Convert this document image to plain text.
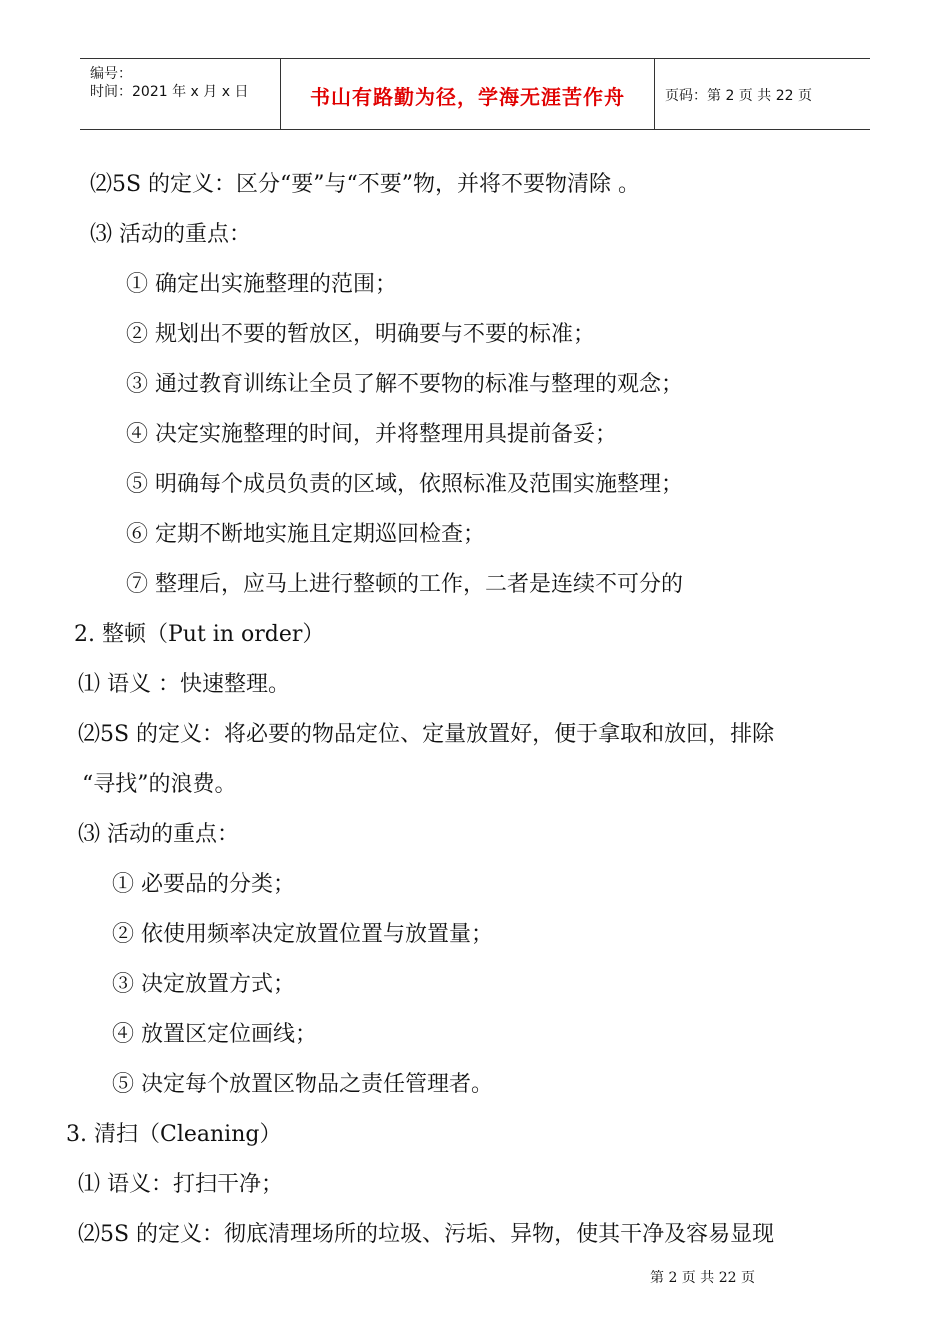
编号：
时间：2021 年 x 月 x 日	书山有路勤为径，学海无涯苦作舟	页码：第 2 页 共 22 页
⑵5S 的定义：区分“要”与“不要”物，并将不要物清除 。
⑶ 活动的重点：
① 确定出实施整理的范围；
② 规划出不要的暂放区，明确要与不要的标准；
③ 通过教育训练让全员了解不要物的标准与整理的观念；
④ 决定实施整理的时间，并将整理用具提前备妥；
⑤ 明确每个成员负责的区域，依照标准及范围实施整理；
⑥ 定期不断地实施且定期巡回检查；
⑦ 整理后，应马上进行整顿的工作，二者是连续不可分的
2. 整顿（Put in order）
⑴ 语义 ：快速整理。
⑵5S 的定义：将必要的物品定位、定量放置好，便于拿取和放回，排除
“寻找”的浪费。
⑶ 活动的重点：
① 必要品的分类；
② 依使用频率决定放置位置与放置量；
③ 决定放置方式；
④ 放置区定位画线；
⑤ 决定每个放置区物品之责任管理者。
3. 清扫（Cleaning）
⑴ 语义：打扫干净；
⑵5S 的定义：彻底清理场所的垃圾、污垢、异物，使其干净及容易显现
第 2 页 共 22 页
